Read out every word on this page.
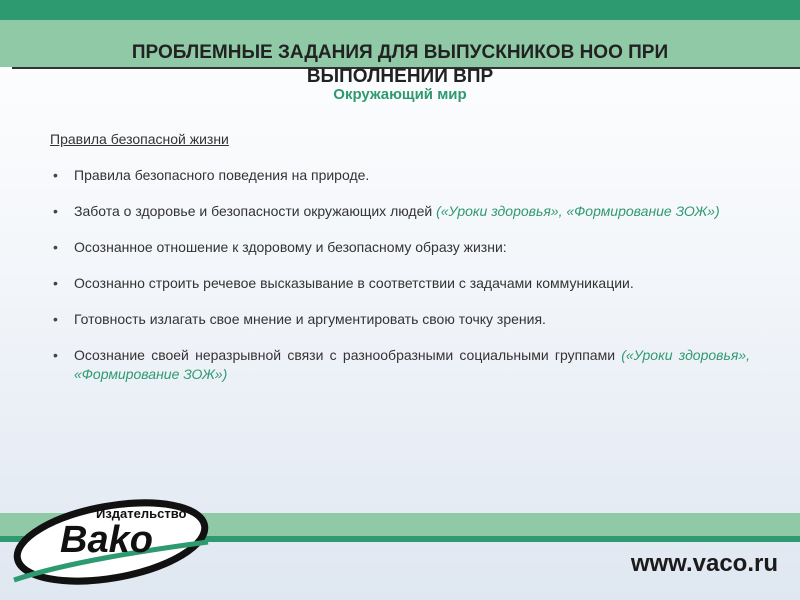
ПРОБЛЕМНЫЕ ЗАДАНИЯ ДЛЯ ВЫПУСКНИКОВ НОО ПРИ ВЫПОЛНЕНИИ ВПР
Окружающий мир

Правила безопасной жизни

• Правила безопасного поведения на природе.
• Забота о здоровье и безопасности окружающих людей («Уроки здоровья», «Формирование ЗОЖ»)
• Осознанное отношение к здоровому и безопасному образу жизни:
• Осознанно строить речевое высказывание в соответствии с задачами коммуникации.
• Готовность излагать свое мнение и аргументировать свою точку зрения.
• Осознание своей неразрывной связи с разнообразными социальными группами («Уроки здоровья», «Формирование ЗОЖ»)
Издательство
Bako
www.vaco.ru
